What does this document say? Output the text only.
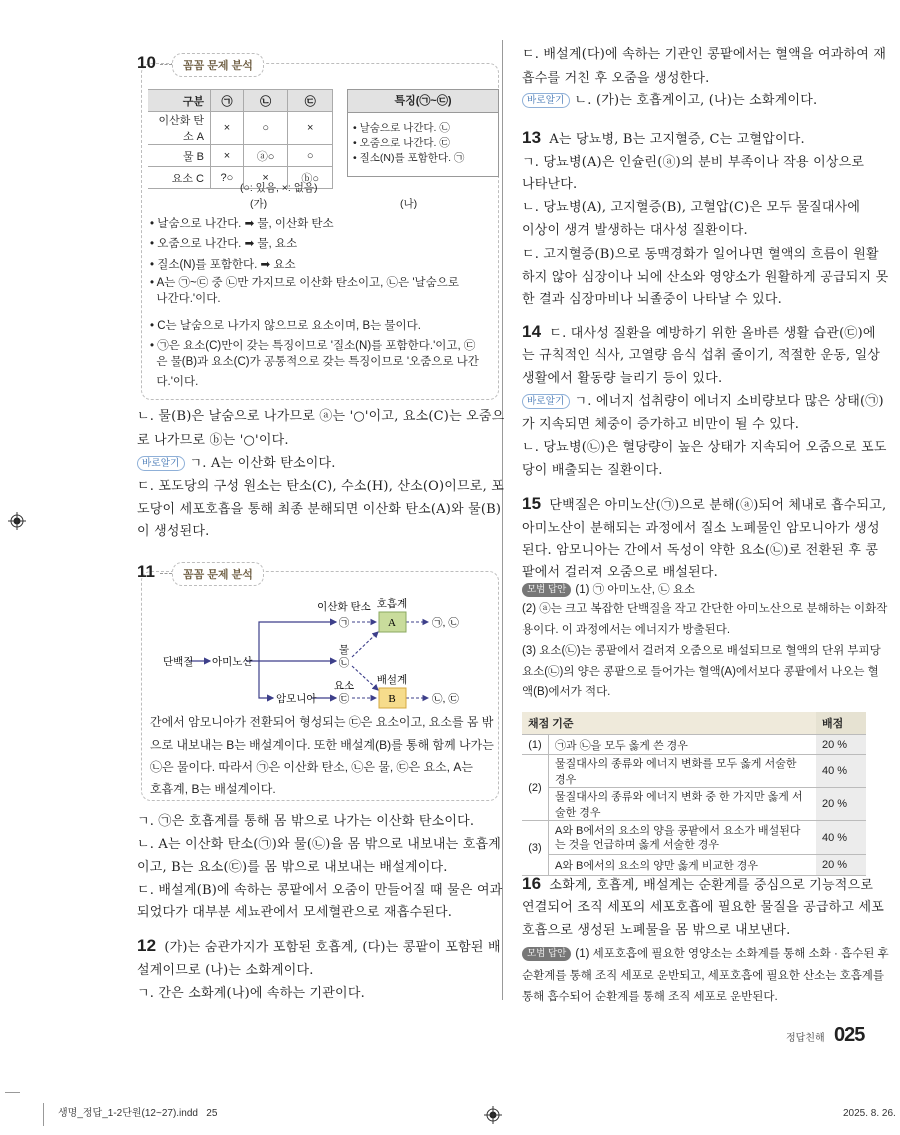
10	꼼꼼 문제 분석
구분	㉠	㉡	㉢
이산화 탄소 A	×	○	×
물 B	×	ⓐ○	○
요소 C	?○	×	ⓑ○
(○: 있음, ×: 없음)
(가)
특징(㉠~㉢)
• 날숨으로 나간다. ㉡
• 오줌으로 나간다. ㉢
• 질소(N)를 포함한다. ㉠
(나)
• 날숨으로 나간다. ➡ 물, 이산화 탄소
• 오줌으로 나간다. ➡ 물, 요소
• 질소(N)를 포함한다. ➡ 요소
• A는 ㉠~㉢ 중 ㉡만 가지므로 이산화 탄소이고, ㉡은 '날숨으로
나간다.'이다.
• C는 날숨으로 나가지 않으므로 요소이며, B는 물이다.
• ㉠은 요소(C)만이 갖는 특징이므로 '질소(N)를 포함한다.'이고, ㉢
은 물(B)과 요소(C)가 공통적으로 갖는 특징이므로 '오줌으로 나간
다.'이다.
ㄴ. 물(B)은 날숨으로 나가므로 ⓐ는 '○'이고, 요소(C)는 오줌으
로 나가므로 ⓑ는 '○'이다.
바로알기 ㄱ. A는 이산화 탄소이다.
ㄷ. 포도당의 구성 원소는 탄소(C), 수소(H), 산소(O)이므로, 포
도당이 세포호흡을 통해 최종 분해되면 이산화 탄소(A)와 물(B)
이 생성된다.
11	꼼꼼 문제 분석
단백질 아미노산
이산화 탄소
㉠
물
㉡
요소
㉢
암모니아
호흡계
A	㉠, ㉡
배설계
B	㉡, ㉢
간에서 암모니아가 전환되어 형성되는 ㉢은 요소이고, 요소를 몸 밖
으로 내보내는 B는 배설계이다. 또한 배설계(B)를 통해 함께 나가는
㉡은 물이다. 따라서 ㉠은 이산화 탄소, ㉡은 물, ㉢은 요소, A는
호흡계, B는 배설계이다.
ㄱ. ㉠은 호흡계를 통해 몸 밖으로 나가는 이산화 탄소이다.
ㄴ. A는 이산화 탄소(㉠)와 물(㉡)을 몸 밖으로 내보내는 호흡계
이고, B는 요소(㉢)를 몸 밖으로 내보내는 배설계이다.
ㄷ. 배설계(B)에 속하는 콩팥에서 오줌이 만들어질 때 물은 여과
되었다가 대부분 세뇨관에서 모세혈관으로 재흡수된다.
12 (가)는 숨관가지가 포함된 호흡계, (다)는 콩팥이 포함된 배
설계이므로 (나)는 소화계이다.
ㄱ. 간은 소화계(나)에 속하는 기관이다.
ㄷ. 배설계(다)에 속하는 기관인 콩팥에서는 혈액을 여과하여 재
흡수를 거친 후 오줌을 생성한다.
바로알기 ㄴ. (가)는 호흡계이고, (나)는 소화계이다.
13 A는 당뇨병, B는 고지혈증, C는 고혈압이다.
ㄱ. 당뇨병(A)은 인슐린(ⓐ)의 분비 부족이나 작용 이상으로
나타난다.
ㄴ. 당뇨병(A), 고지혈증(B), 고혈압(C)은 모두 물질대사에
이상이 생겨 발생하는 대사성 질환이다.
ㄷ. 고지혈증(B)으로 동맥경화가 일어나면 혈액의 흐름이 원활
하지 않아 심장이나 뇌에 산소와 영양소가 원활하게 공급되지 못
한 결과 심장마비나 뇌졸중이 나타날 수 있다.
14 ㄷ. 대사성 질환을 예방하기 위한 올바른 생활 습관(㉢)에
는 규칙적인 식사, 고열량 음식 섭취 줄이기, 적절한 운동, 일상
생활에서 활동량 늘리기 등이 있다.
바로알기 ㄱ. 에너지 섭취량이 에너지 소비량보다 많은 상태(㉠)
가 지속되면 체중이 증가하고 비만이 될 수 있다.
ㄴ. 당뇨병(㉡)은 혈당량이 높은 상태가 지속되어 오줌으로 포도
당이 배출되는 질환이다.
15 단백질은 아미노산(㉠)으로 분해(ⓐ)되어 체내로 흡수되고,
아미노산이 분해되는 과정에서 질소 노폐물인 암모니아가 생성
된다. 암모니아는 간에서 독성이 약한 요소(㉡)로 전환된 후 콩
팥에서 걸러져 오줌으로 배설된다.
모범 답안 (1) ㉠ 아미노산, ㉡ 요소
(2) ⓐ는 크고 복잡한 단백질을 작고 간단한 아미노산으로 분해하는 이화작
용이다. 이 과정에서는 에너지가 방출된다.
(3) 요소(㉡)는 콩팥에서 걸러져 오줌으로 배설되므로 혈액의 단위 부피당
요소(㉡)의 양은 콩팥으로 들어가는 혈액(A)에서보다 콩팥에서 나오는 혈
액(B)에서가 적다.
채점 기준		배점
(1)	㉠과 ㉡을 모두 옳게 쓴 경우	20 %
(2)	물질대사의 종류와 에너지 변화를 모두 옳게 서술한 경우	40 %
	물질대사의 종류와 에너지 변화 중 한 가지만 옳게 서술한 경우	20 %
(3)	A와 B에서의 요소의 양을 콩팥에서 요소가 배설된다는 것을 언급하며 옳게 서술한 경우	40 %
	A와 B에서의 요소의 양만 옳게 비교한 경우	20 %
16 소화계, 호흡계, 배설계는 순환계를 중심으로 기능적으로
연결되어 조직 세포의 세포호흡에 필요한 물질을 공급하고 세포
호흡으로 생성된 노폐물을 몸 밖으로 내보낸다.
모범 답안 (1) 세포호흡에 필요한 영양소는 소화계를 통해 소화 · 흡수된 후
순환계를 통해 조직 세포로 운반되고, 세포호흡에 필요한 산소는 호흡계를
통해 흡수되어 순환계를 통해 조직 세포로 운반된다.
정답친해 025
생명_정답_1-2단원(12~27).indd   25	2025. 8. 26.
